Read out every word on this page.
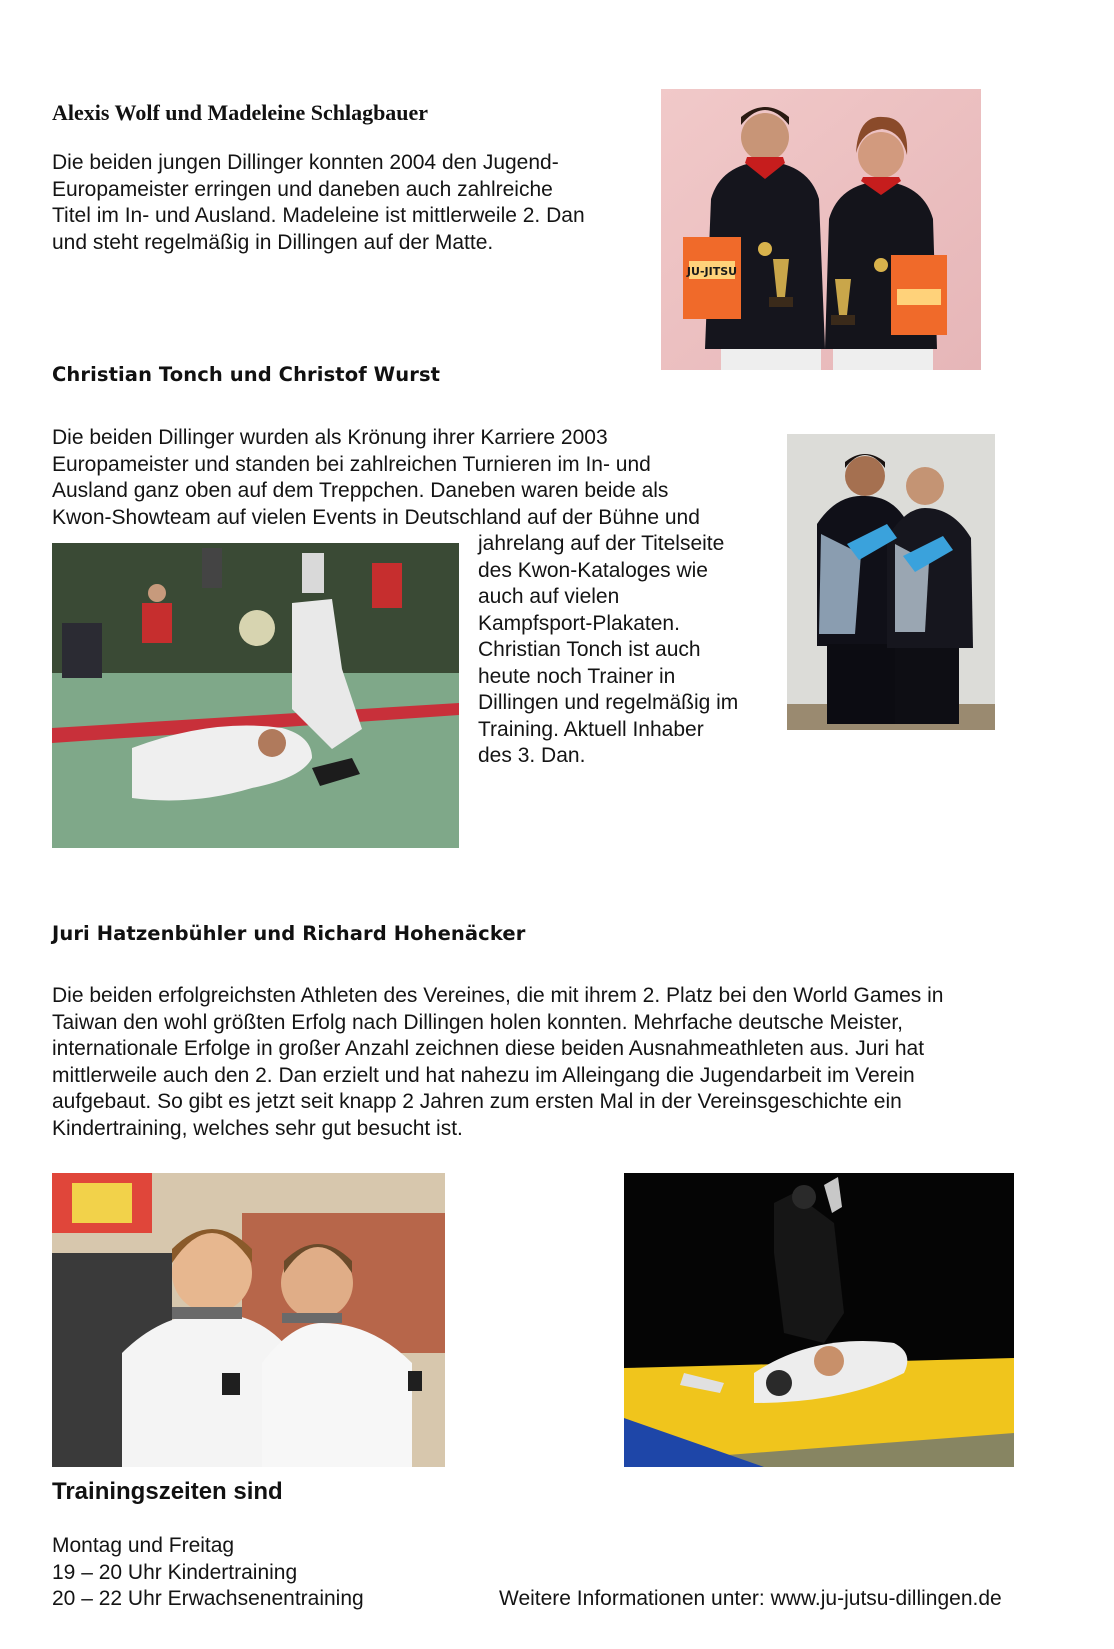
Alexis Wolf und Madeleine Schlagbauer
Die beiden jungen Dillinger konnten 2004 den Jugend-
Europameister erringen und daneben auch zahlreiche
Titel im In- und Ausland. Madeleine ist mittlerweile 2. Dan
und steht regelmäßig in Dillingen auf der Matte.
JU-JITSU
Christian Tonch und Christof Wurst
Die beiden Dillinger wurden als Krönung ihrer Karriere 2003
Europameister und standen bei zahlreichen Turnieren im In- und
Ausland ganz oben auf dem Treppchen. Daneben waren beide als
Kwon-Showteam auf vielen Events in Deutschland auf der Bühne und
jahrelang auf der Titelseite
des Kwon-Kataloges wie
auch auf vielen
Kampfsport-Plakaten.
Christian Tonch ist auch
heute noch Trainer in
Dillingen und regelmäßig im
Training. Aktuell Inhaber
des 3. Dan.
Juri Hatzenbühler und Richard Hohenäcker
Die beiden erfolgreichsten Athleten des Vereines, die mit ihrem 2. Platz bei den World Games in
Taiwan den wohl größten Erfolg nach Dillingen holen konnten. Mehrfache deutsche Meister,
internationale Erfolge in großer Anzahl zeichnen diese beiden Ausnahmeathleten aus. Juri hat
mittlerweile auch den 2. Dan erzielt und hat nahezu im Alleingang die Jugendarbeit im Verein
aufgebaut. So gibt es jetzt seit knapp 2 Jahren zum ersten Mal in der Vereinsgeschichte ein
Kindertraining, welches sehr gut besucht ist.
Trainingszeiten sind
Montag und Freitag
19 – 20 Uhr Kindertraining
20 – 22 Uhr Erwachsenentraining	Weitere Informationen unter: www.ju-jutsu-dillingen.de
